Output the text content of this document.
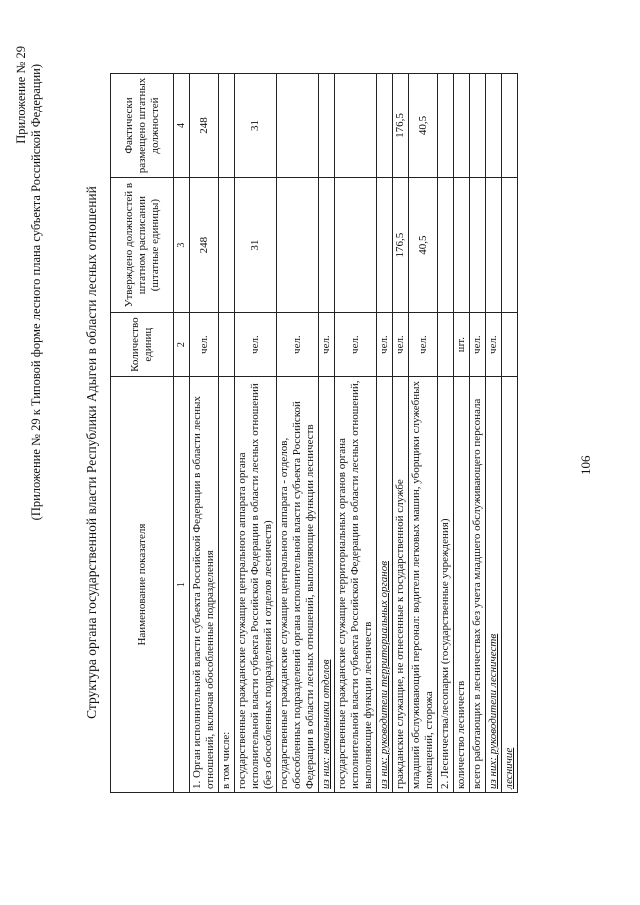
Приложение № 29 (Приложение № 29 к Типовой форме лесного плана субъекта Российской Федерации)	Структура органа государственной власти Республики Адыгеи в области лесных отношений	Наименование показателя	Количество единиц	Утверждено должностей в штатном расписании (штатные единицы)	Фактически размещено штатных должностей
1	2	3	4
1. Орган исполнительной власти субъекта Российской Федерации в области лесных отношений, включая обособленные подразделения	чел.	248	248
в том числе:			
государственные гражданские служащие центрального аппарата органа исполнительной власти субъекта Российской Федерации в области лесных отношений (без обособленных подразделений и отделов лесничеств)	чел.	31	31
государственные гражданские служащие центрального аппарата - отделов, обособленных подразделений органа исполнительной власти субъекта Российской Федерации в области лесных отношений, выполняющие функции лесничеств	чел.		
из них: начальники отделов	чел.		
государственные гражданские служащие территориальных органов органа исполнительной власти субъекта Российской Федерации в области лесных отношений, выполняющие функции лесничеств	чел.		
из них: руководители территориальных органов	чел.		
гражданские служащие, не отнесенные к государственной службе	чел.	176,5	176,5
младший обслуживающий персонал: водители легковых машин, уборщики служебных помещений, сторожа	чел.	40,5	40,5
2. Лесничества/лесопарки (государственные учреждения)			
количество лесничеств	шт.		
всего работающих в лесничествах без учета младшего обслуживающего персонала	чел.		
из них: руководители лесничеств	чел.		
лесничие			
106
